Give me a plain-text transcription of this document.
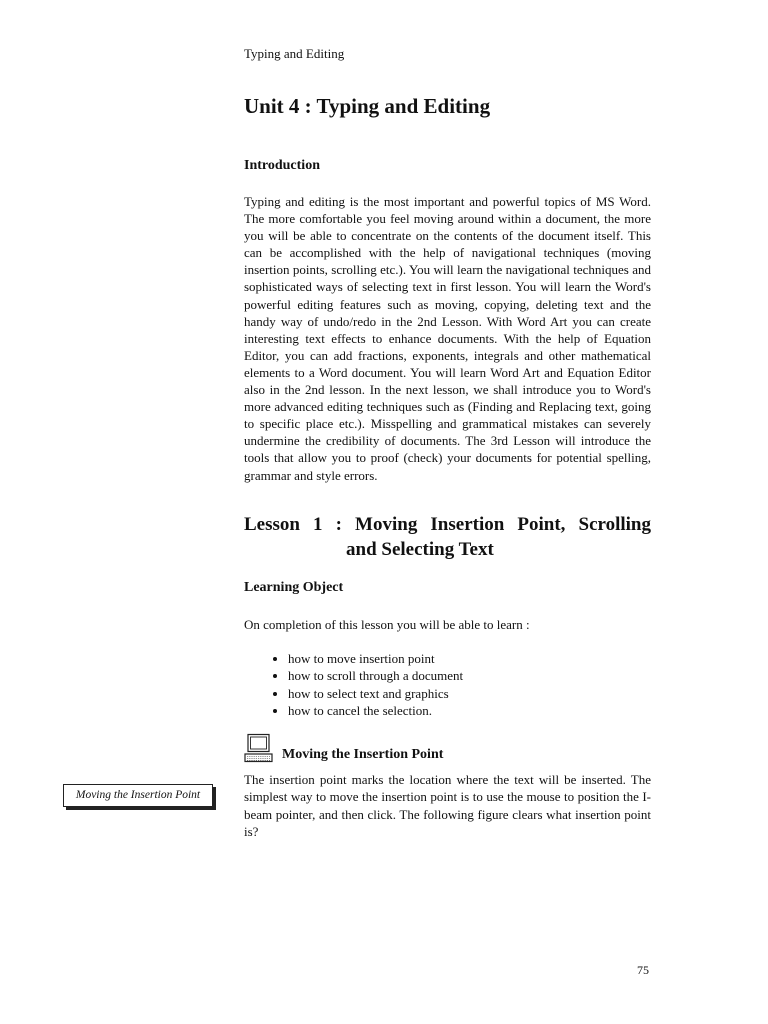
Typing and Editing
Unit 4 : Typing and Editing
Introduction

Typing and editing is the most important and powerful topics of MS Word. The more comfortable you feel moving around within a document, the more you will be able to concentrate on the contents of the document itself. This can be accomplished with the help of navigational techniques (moving insertion points, scrolling etc.). You will learn the navigational techniques and sophisticated ways of selecting text in first lesson. You will learn the Word's powerful editing features such as moving, copying, deleting text and the handy way of undo/redo in the 2nd Lesson. With Word Art you can create interesting text effects to enhance documents. With the help of Equation Editor, you can add fractions, exponents, integrals and other mathematical elements to a Word document. You will learn Word Art and Equation Editor also in the 2nd lesson. In the next lesson, we shall introduce you to Word's more advanced editing techniques such as (Finding and Replacing text, going to specific place etc.). Misspelling and grammatical mistakes can severely undermine the credibility of documents. The 3rd Lesson will introduce the tools that allow you to proof (check) your documents for potential spelling, grammar and style errors.

Lesson 1 : Moving Insertion Point, Scrolling
and Selecting Text
Learning Object

On completion of this lesson you will be able to learn :

• how to move insertion point
• how to scroll through a document
• how to select text and graphics
• how to cancel the selection.
Moving the Insertion Point
Moving the Insertion Point

The insertion point marks the location where the text will be inserted. The simplest way to move the insertion point is to use the mouse to position the I-beam pointer, and then click. The following figure clears what insertion point is?

75
